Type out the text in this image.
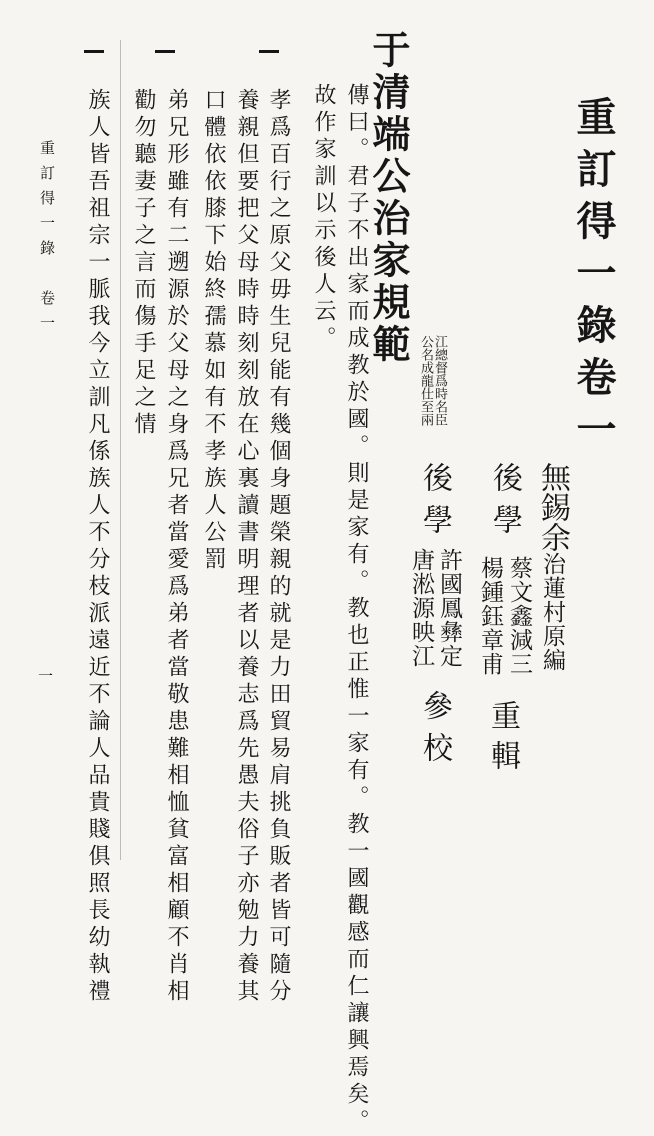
重訂得一錄卷一
無錫余治蓮村原編
後學
蔡文鑫
楊鍾鈺
減三
章甫
重輯
後學
許國鳳
唐淞源
彝定
映江
參校
于清端公治家規範
公名成龍仕至兩 江總督爲時名臣
傳曰。君子不出家而成教於國。則是家有。教也正惟一家有。教一國觀感而仁讓興焉矣。
故作家訓以示後人云。
孝爲百行之原父毋生兒能有幾個身題榮親的就是力田貿易肩挑負販者皆可隨分
養親但要把父母時時刻刻放在心裏讀書明理者以養志爲先愚夫俗子亦勉力養其
口體依依膝下始終孺慕如有不孝族人公罰
弟兄形雖有二遡源於父母之身爲兄者當愛爲弟者當敬患難相恤貧富相顧不肖相
勸勿聽妻子之言而傷手足之情
族人皆吾祖宗一脈我今立訓凡係族人不分枝派遠近不論人品貴賤俱照長幼執禮
重訂得一錄
卷一
一
